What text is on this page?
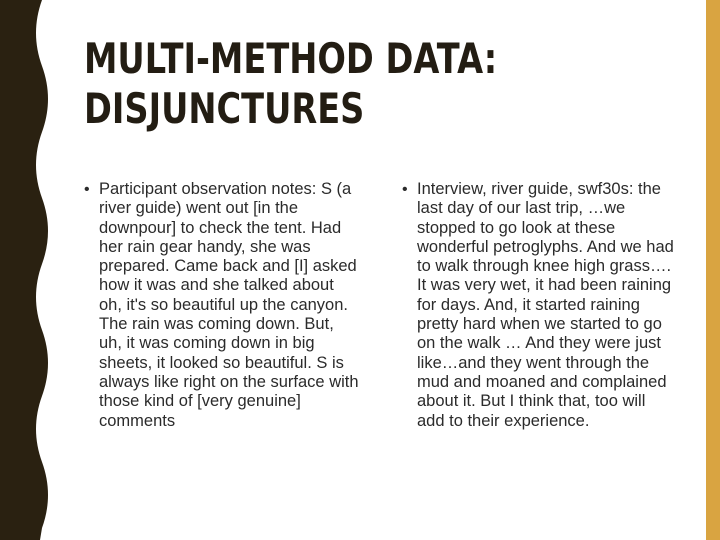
MULTI-METHOD DATA:
DISJUNCTURES
• Participant observation notes: S (a river guide) went out [in the downpour] to check the tent. Had her rain gear handy, she was prepared. Came back and [I] asked how it was and she talked about oh, it's so beautiful up the canyon. The rain was coming down. But, uh, it was coming down in big sheets, it looked so beautiful. S is always like right on the surface with those kind of [very genuine] comments

• Interview, river guide, swf30s: the last day of our last trip, …we stopped to go look at these wonderful petroglyphs. And we had to walk through knee high grass…. It was very wet, it had been raining for days. And, it started raining pretty hard when we started to go on the walk … And they were just like…and they went through the mud and moaned and complained about it. But I think that, too will add to their experience.
